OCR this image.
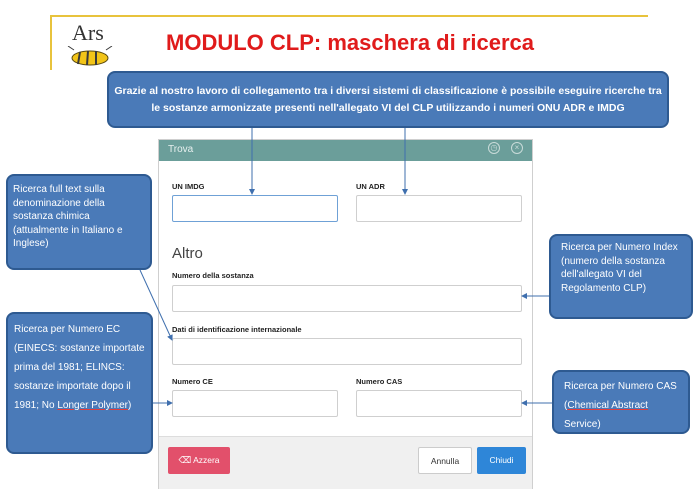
Ars	MODULO CLP: maschera di ricerca
Grazie al nostro lavoro di collegamento tra i diversi sistemi di classificazione è possibile eseguire ricerche tra le sostanze armonizzate presenti nell'allegato VI del CLP utilizzando i numeri ONU ADR e IMDG
Trova	◷	×
UN IMDG	UN ADR
Altro
Numero della sostanza
Dati di identificazione internazionale
Numero CE	Numero CAS
⌫ Azzera	Annulla	Chiudi
Ricerca full text sulla denominazione della sostanza chimica (attualmente in Italiano e Inglese)
Ricerca per Numero EC (EINECS: sostanze importate prima del 1981; ELINCS: sostanze importate dopo il 1981; No Longer Polymer)
Ricerca per Numero Index (numero della sostanza dell'allegato VI del Regolamento CLP)
Ricerca per Numero CAS (Chemical Abstract Service)
